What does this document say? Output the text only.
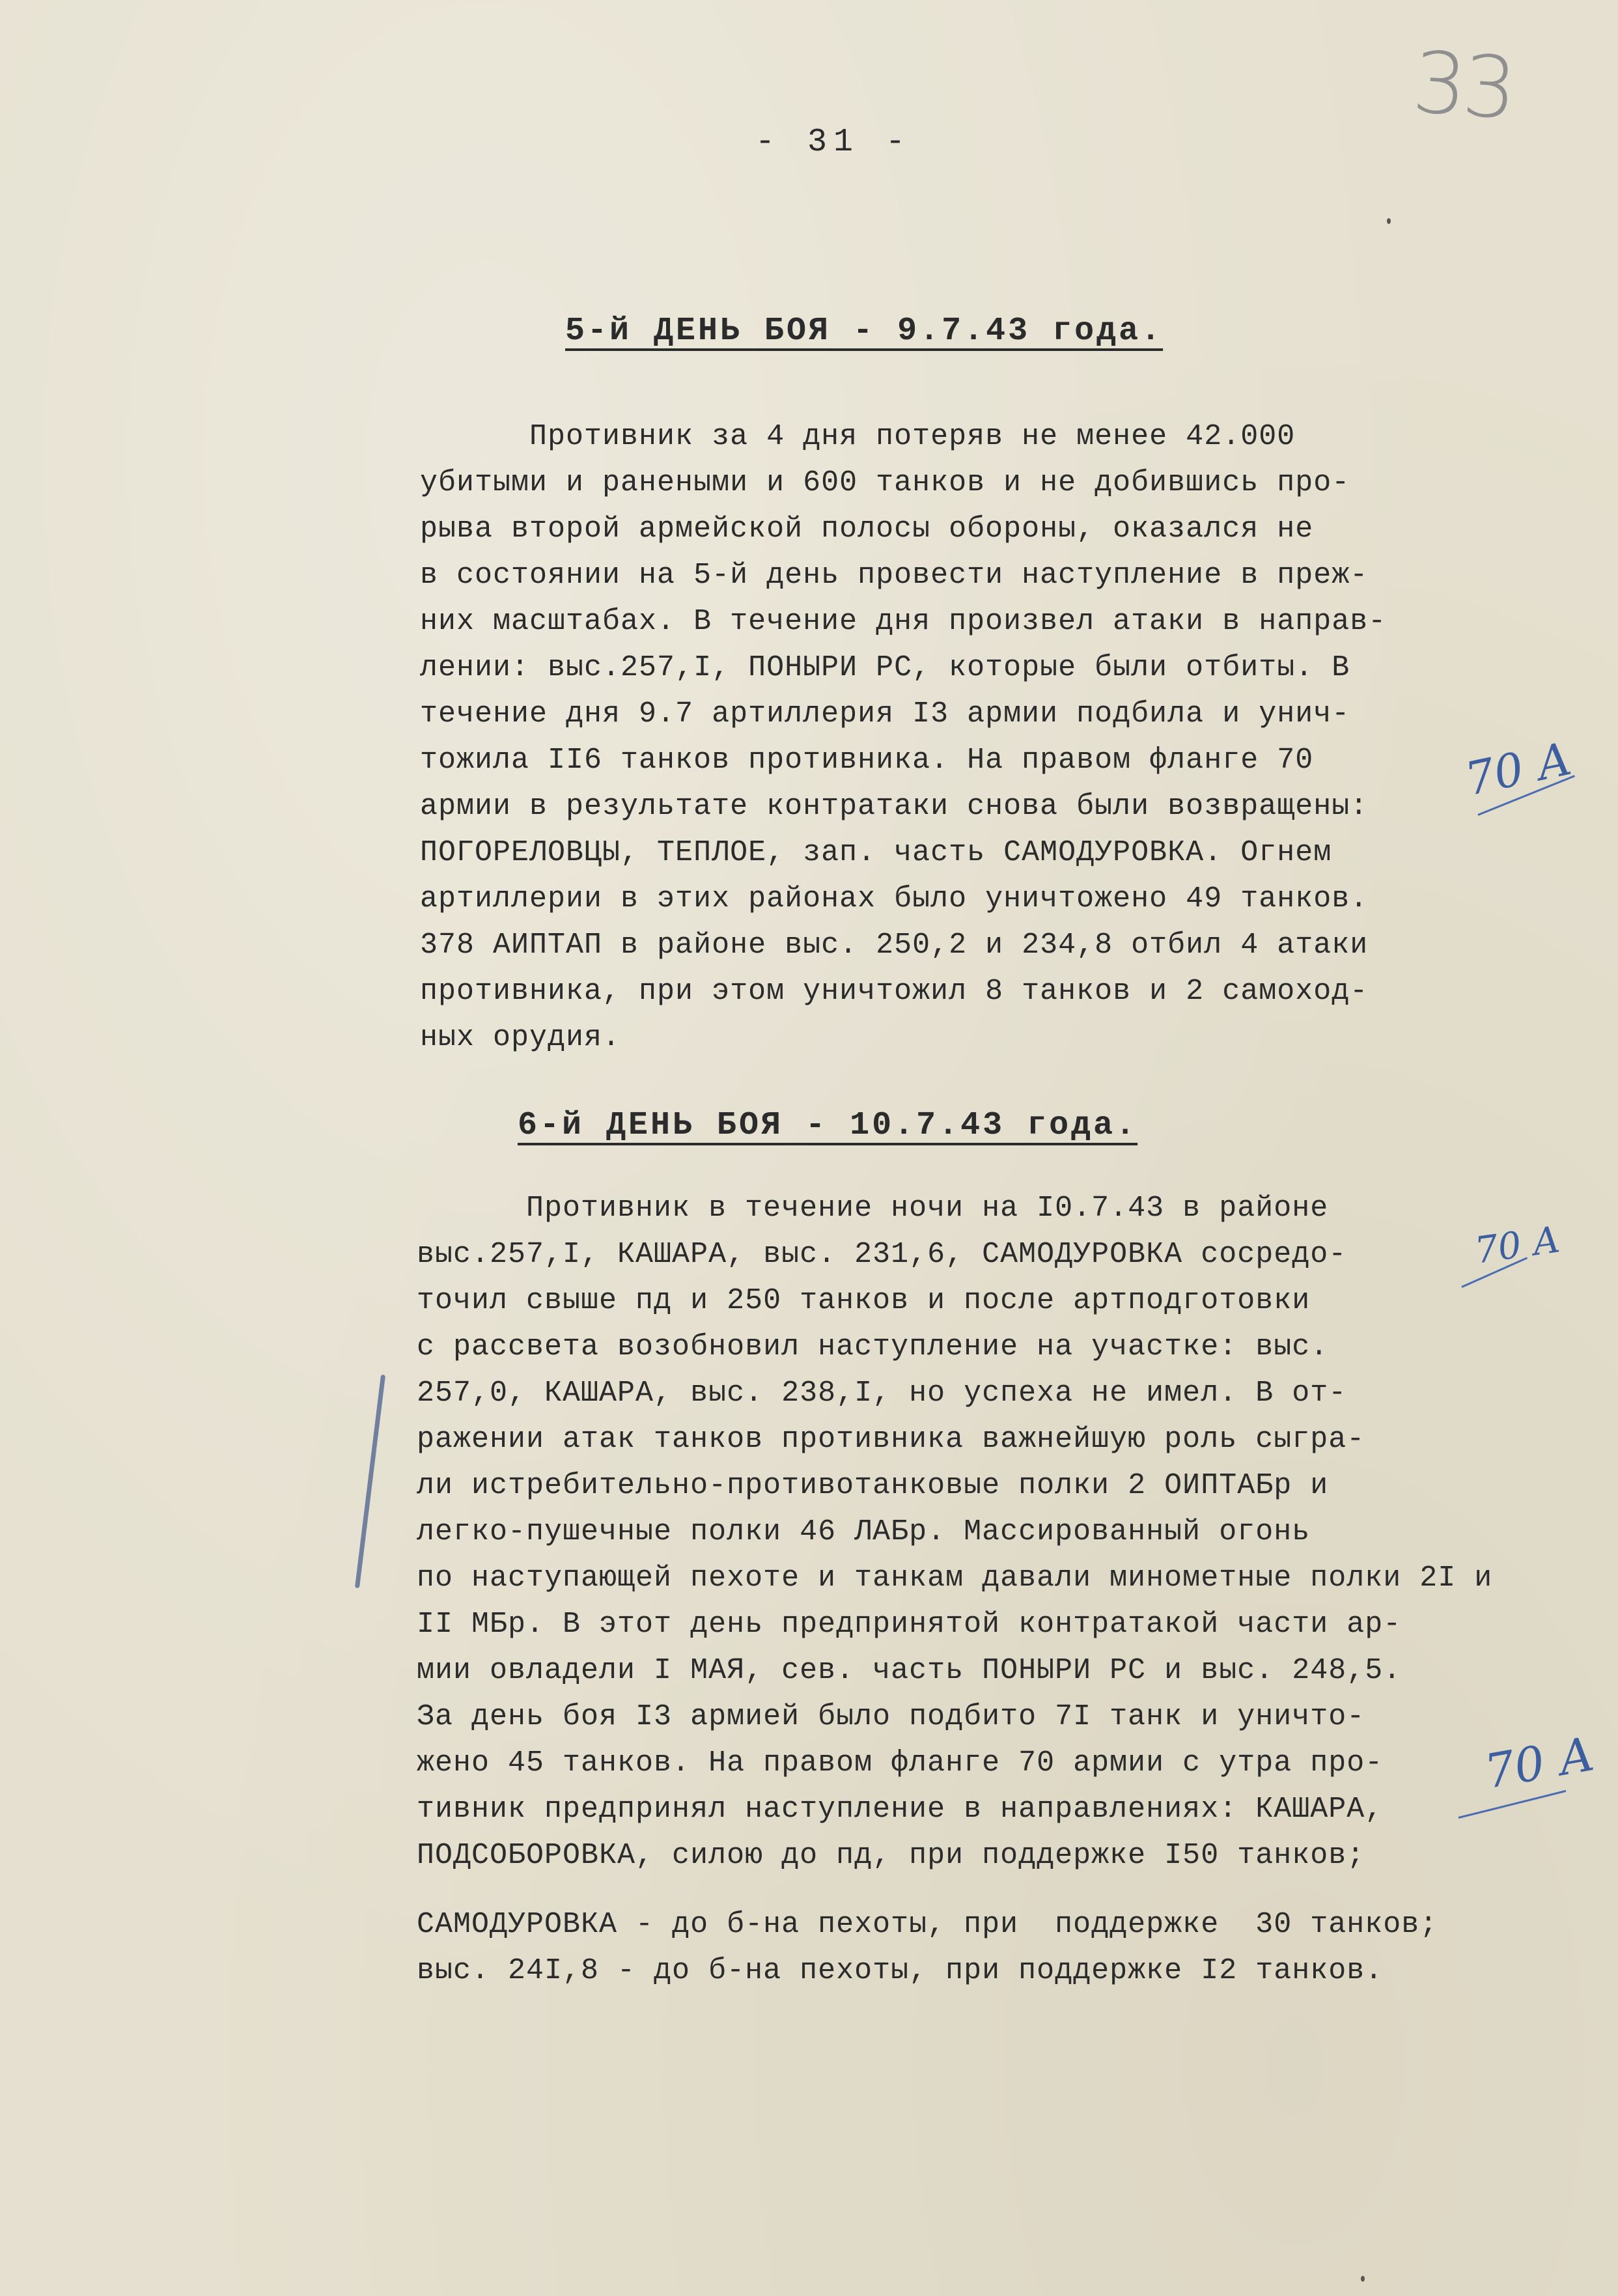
33
- 31 -
5-й ДЕНЬ БОЯ - 9.7.43 года.
Противник за 4 дня потеряв не менее 42.000
убитыми и ранеными и 600 танков и не добившись про-
рыва второй армейской полосы обороны, оказался не
в состоянии на 5-й день провести наступление в преж-
них масштабах. В течение дня произвел атаки в направ-
лении: выс.257,I, ПОНЫРИ РС, которые были отбиты. В
течение дня 9.7 артиллерия I3 армии подбила и унич-
тожила II6 танков противника. На правом фланге 70
армии в результате контратаки снова были возвращены:
ПОГОРЕЛОВЦЫ, ТЕПЛОЕ, зап. часть САМОДУРОВКА. Огнем
артиллерии в этих районах было уничтожено 49 танков.
378 АИПТАП в районе выс. 250,2 и 234,8 отбил 4 атаки
противника, при этом уничтожил 8 танков и 2 самоход-
ных орудия.
6-й ДЕНЬ БОЯ - 10.7.43 года.
Противник в течение ночи на I0.7.43 в районе
выс.257,I, КАШАРА, выс. 231,6, САМОДУРОВКА сосредо-
точил свыше пд и 250 танков и после артподготовки
с рассвета возобновил наступление на участке: выс.
257,0, КАШАРА, выс. 238,I, но успеха не имел. В от-
ражении атак танков противника важнейшую роль сыгра-
ли истребительно-противотанковые полки 2 ОИПТАБр и
легко-пушечные полки 46 ЛАБр. Массированный огонь
по наступающей пехоте и танкам давали минометные полки 2I и
II МБр. В этот день предпринятой контратакой части ар-
мии овладели I МАЯ, сев. часть ПОНЫРИ РС и выс. 248,5.
За день боя I3 армией было подбито 7I танк и уничто-
жено 45 танков. На правом фланге 70 армии с утра про-
тивник предпринял наступление в направлениях: КАШАРА,
ПОДСОБОРОВКА, силою до пд, при поддержке I50 танков;
САМОДУРОВКА - до б-на пехоты, при  поддержке  30 танков;
выс. 24I,8 - до б-на пехоты, при поддержке I2 танков.
70 А
70 А
70 А
